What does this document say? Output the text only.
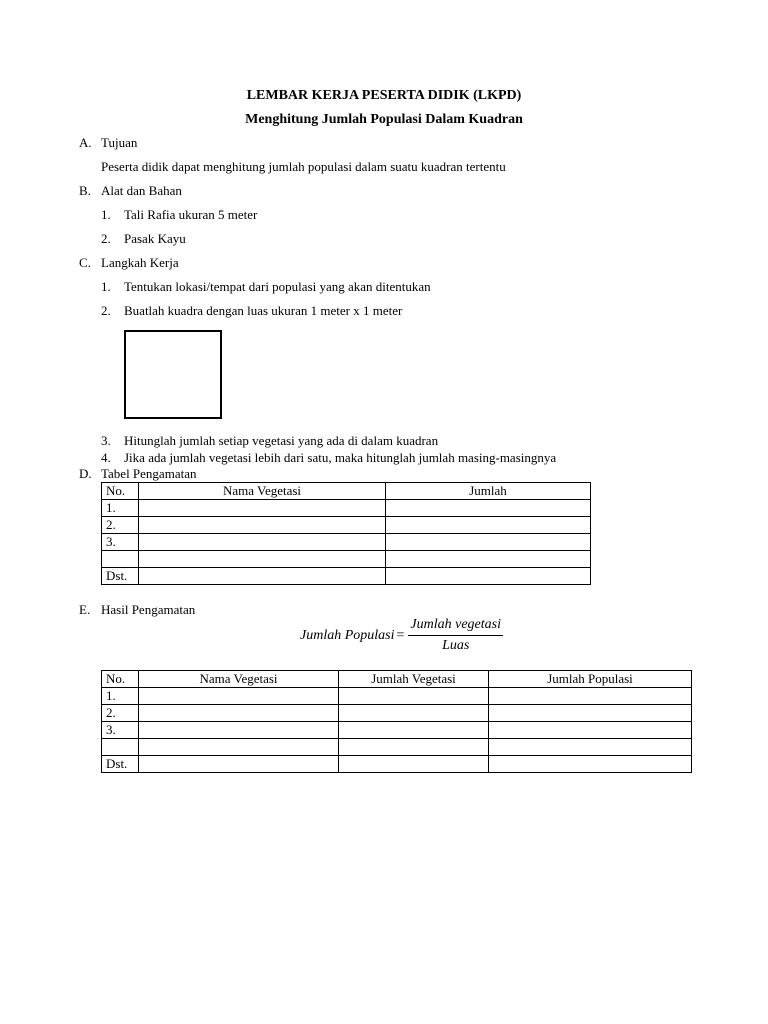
LEMBAR KERJA PESERTA DIDIK (LKPD)
Menghitung Jumlah Populasi Dalam Kuadran
A. Tujuan
Peserta didik dapat menghitung jumlah populasi dalam suatu kuadran tertentu
B. Alat dan Bahan
1. Tali Rafia ukuran 5 meter
2. Pasak Kayu
C. Langkah Kerja
1. Tentukan lokasi/tempat dari populasi yang akan ditentukan
2. Buatlah kuadra dengan luas ukuran 1 meter x 1 meter
3. Hitunglah jumlah setiap vegetasi yang ada di dalam kuadran
4. Jika ada jumlah vegetasi lebih dari satu, maka hitunglah jumlah masing-masingnya
D. Tabel Pengamatan
No.	Nama Vegetasi	Jumlah
1.		
2.		
3.		

Dst.		
E. Hasil Pengamatan
Jumlah Populasi = $\frac{\text{Jumlah vegetasi}}{\text{Luas}}$
No.	Nama Vegetasi	Jumlah Vegetasi	Jumlah Populasi
1.			
2.			
3.			

Dst.			
